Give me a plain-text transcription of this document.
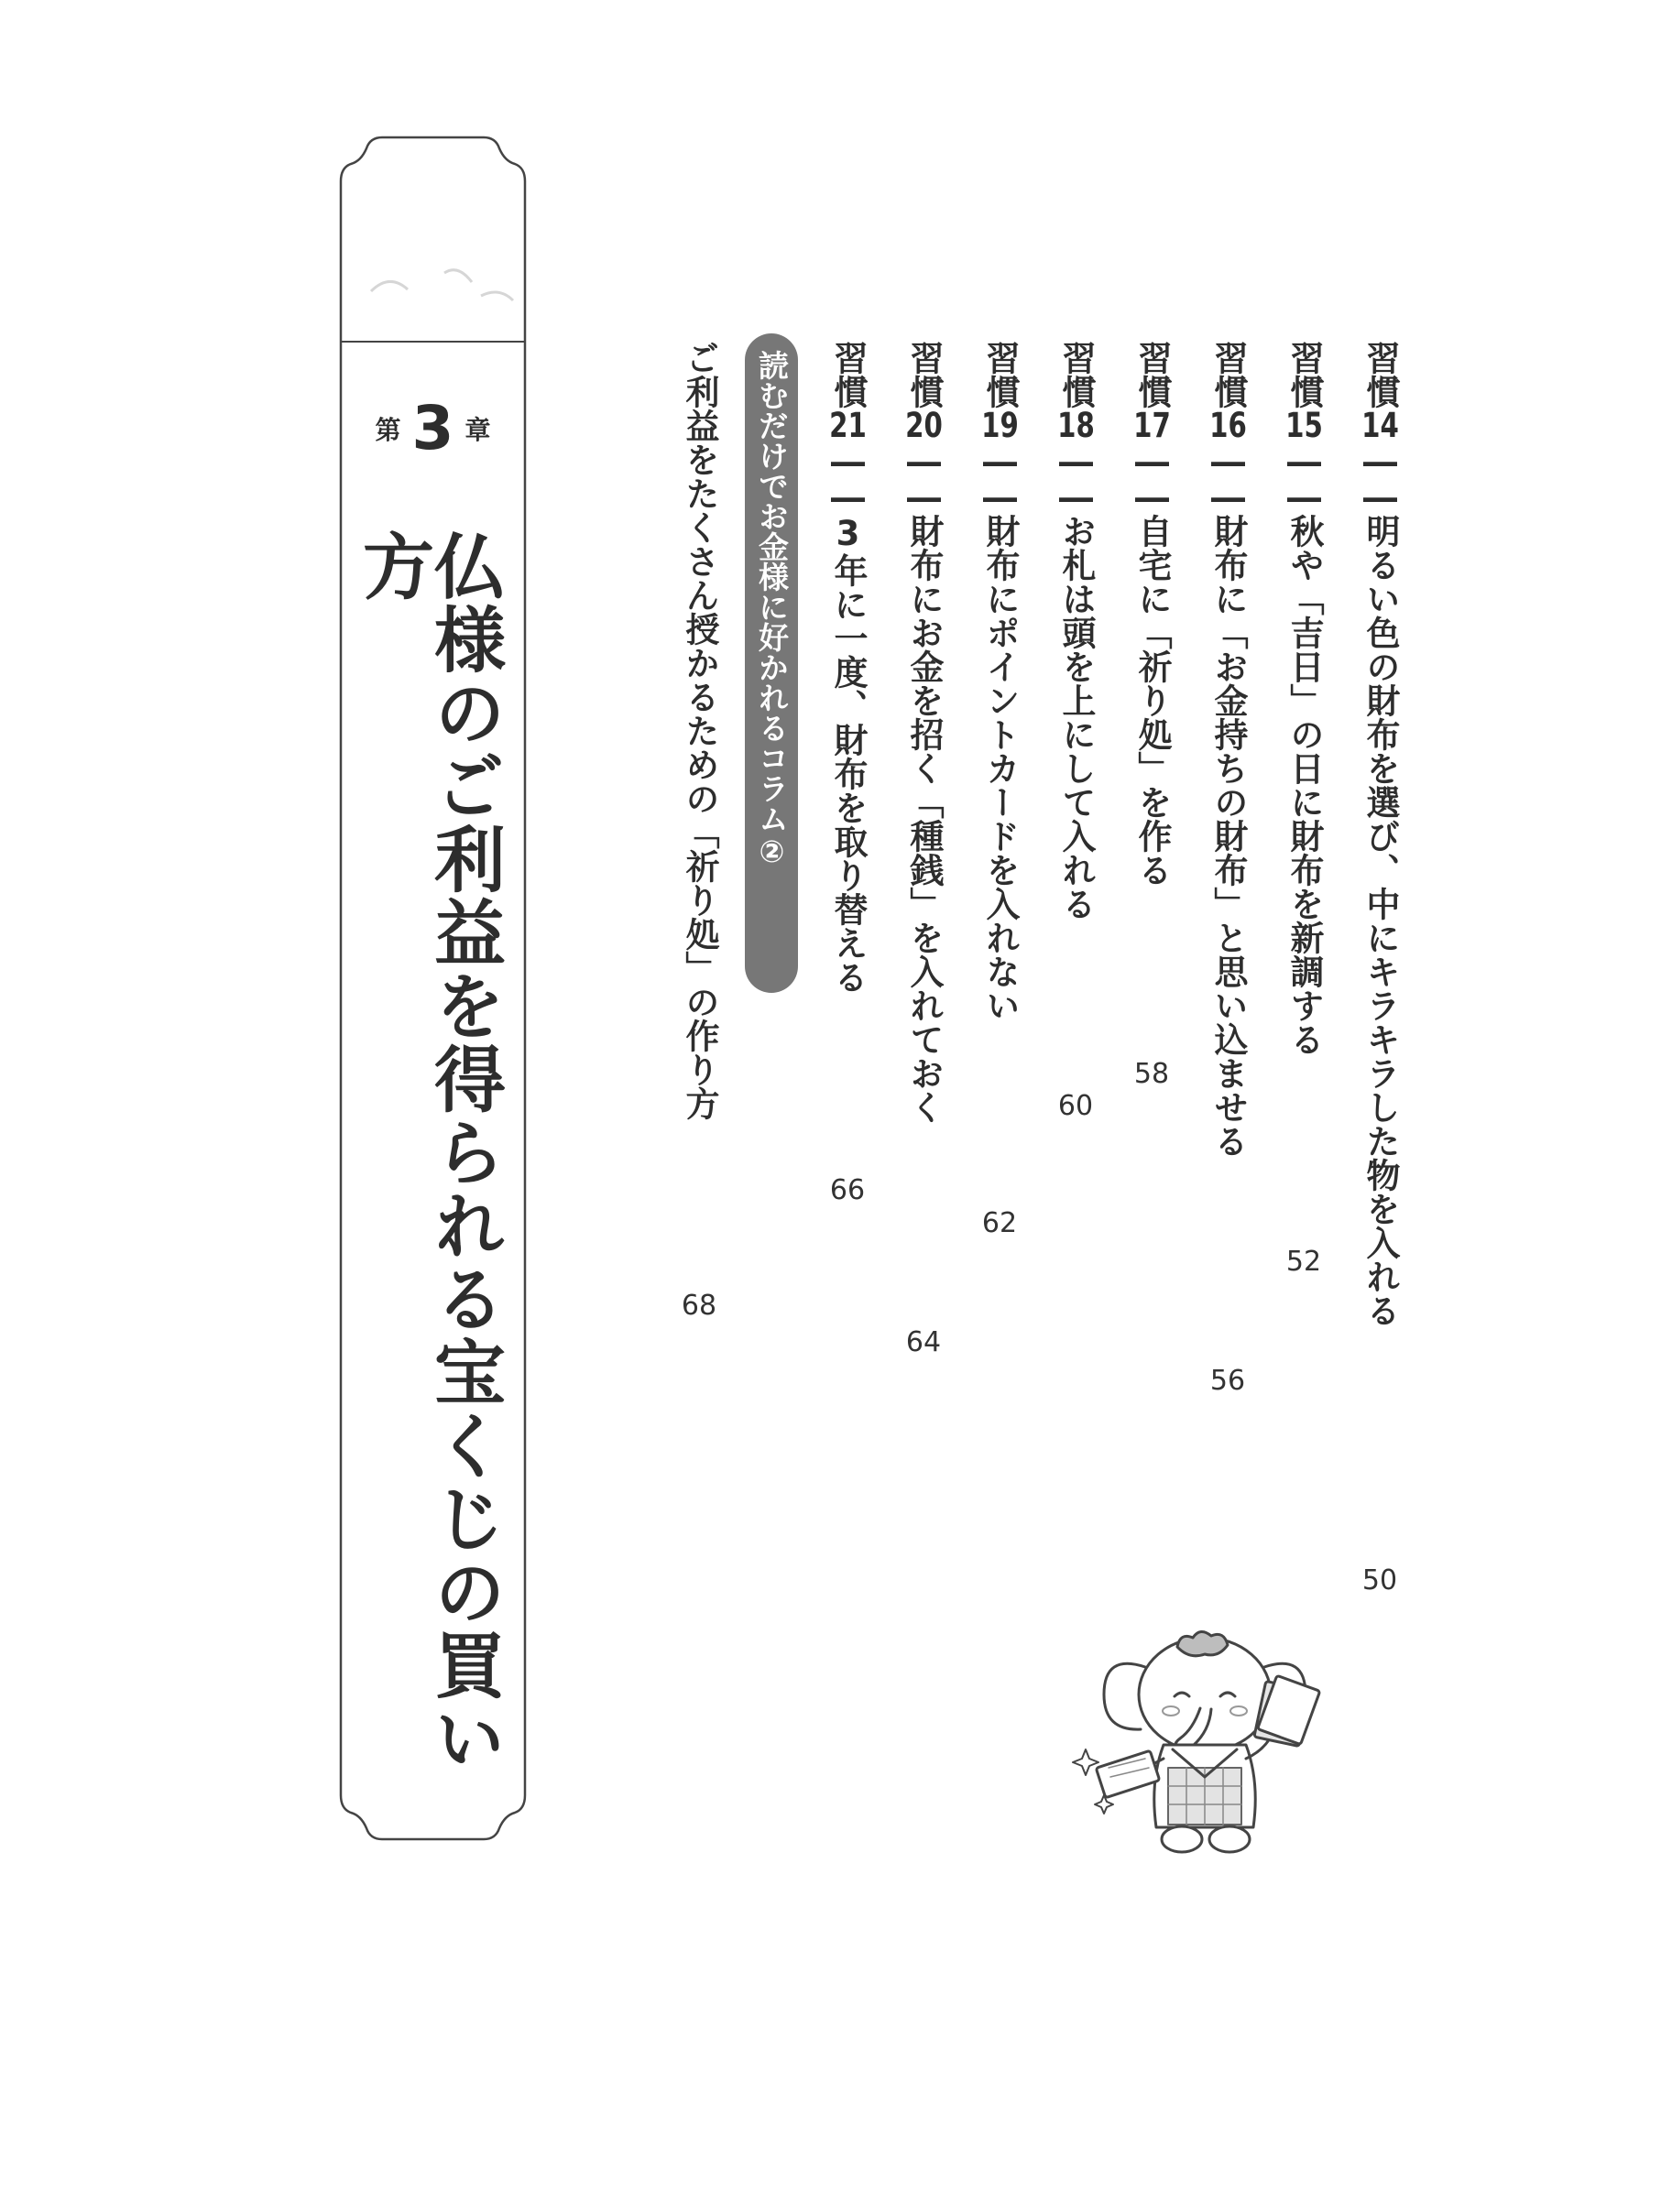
第 3 章
仏様のご利益を得られる宝くじの買い方
習慣14――明るい色の財布を選び、中にキラキラした物を入れる
習慣15――秋や「吉日」の日に財布を新調する
習慣16――財布に「お金持ちの財布」と思い込ませる
習慣17――自宅に「祈り処」を作る
習慣18――お札は頭を上にして入れる
習慣19――財布にポイントカードを入れない
習慣20――財布にお金を招く「種銭」を入れておく
習慣21――3年に一度、財布を取り替える
読むだけでお金様に好かれるコラム②
ご利益をたくさん授かるための「祈り処」の作り方
50
52
56
58
60
62
64
66
68
